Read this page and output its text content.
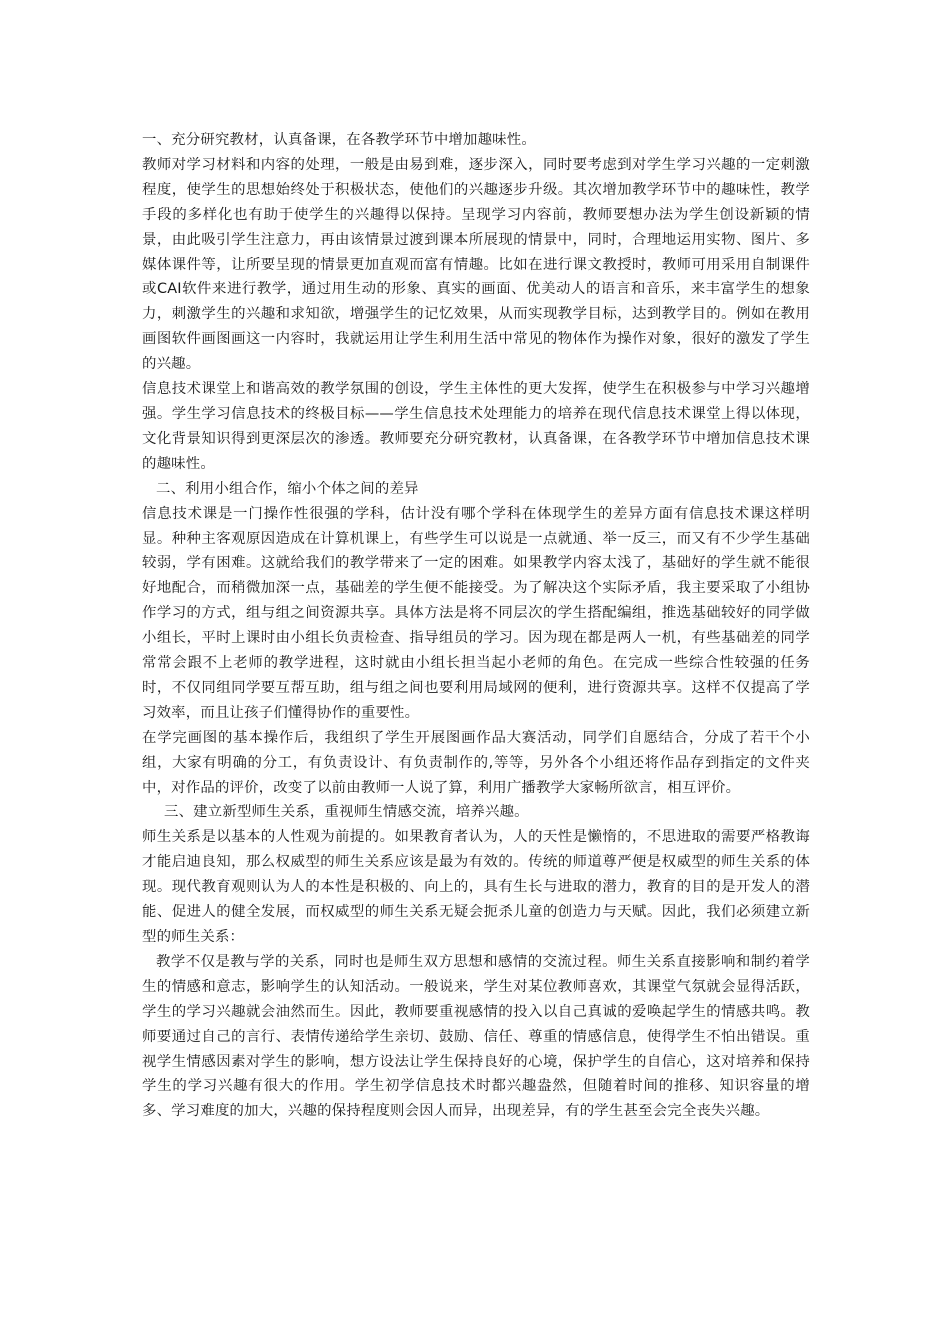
一、充分研究教材，认真备课，在各教学环节中增加趣味性。

教师对学习材料和内容的处理，一般是由易到难，逐步深入，同时要考虑到对学生学习兴趣的一定刺激程度，使学生的思想始终处于积极状态，使他们的兴趣逐步升级。其次增加教学环节中的趣味性，教学手段的多样化也有助于使学生的兴趣得以保持。呈现学习内容前，教师要想办法为学生创设新颖的情景，由此吸引学生注意力，再由该情景过渡到课本所展现的情景中，同时，合理地运用实物、图片、多媒体课件等，让所要呈现的情景更加直观而富有情趣。比如在进行课文教授时，教师可用采用自制课件或CAI软件来进行教学，通过用生动的形象、真实的画面、优美动人的语言和音乐，来丰富学生的想象力，刺激学生的兴趣和求知欲，增强学生的记忆效果，从而实现教学目标，达到教学目的。例如在教用画图软件画图画这一内容时，我就运用让学生利用生活中常见的物体作为操作对象，很好的激发了学生的兴趣。

信息技术课堂上和谐高效的教学氛围的创设，学生主体性的更大发挥，使学生在积极参与中学习兴趣增强。学生学习信息技术的终极目标——学生信息技术处理能力的培养在现代信息技术课堂上得以体现，文化背景知识得到更深层次的渗透。教师要充分研究教材，认真备课，在各教学环节中增加信息技术课的趣味性。

二、利用小组合作，缩小个体之间的差异

信息技术课是一门操作性很强的学科，估计没有哪个学科在体现学生的差异方面有信息技术课这样明显。种种主客观原因造成在计算机课上，有些学生可以说是一点就通、举一反三，而又有不少学生基础较弱，学有困难。这就给我们的教学带来了一定的困难。如果教学内容太浅了，基础好的学生就不能很好地配合，而稍微加深一点，基础差的学生便不能接受。为了解决这个实际矛盾，我主要采取了小组协作学习的方式，组与组之间资源共享。具体方法是将不同层次的学生搭配编组，推选基础较好的同学做小组长，平时上课时由小组长负责检查、指导组员的学习。因为现在都是两人一机，有些基础差的同学常常会跟不上老师的教学进程，这时就由小组长担当起小老师的角色。在完成一些综合性较强的任务时，不仅同组同学要互帮互助，组与组之间也要利用局域网的便利，进行资源共享。这样不仅提高了学习效率，而且让孩子们懂得协作的重要性。

在学完画图的基本操作后，我组织了学生开展图画作品大赛活动，同学们自愿结合，分成了若干个小组，大家有明确的分工，有负责设计、有负责制作的,等等，另外各个小组还将作品存到指定的文件夹中，对作品的评价，改变了以前由教师一人说了算，利用广播教学大家畅所欲言，相互评价。

三、建立新型师生关系，重视师生情感交流，培养兴趣。

师生关系是以基本的人性观为前提的。如果教育者认为，人的天性是懒惰的，不思进取的需要严格教诲才能启迪良知，那么权威型的师生关系应该是最为有效的。传统的师道尊严便是权威型的师生关系的体现。现代教育观则认为人的本性是积极的、向上的，具有生长与进取的潜力，教育的目的是开发人的潜能、促进人的健全发展，而权威型的师生关系无疑会扼杀儿童的创造力与天赋。因此，我们必须建立新型的师生关系：

教学不仅是教与学的关系，同时也是师生双方思想和感情的交流过程。师生关系直接影响和制约着学生的情感和意志，影响学生的认知活动。一般说来，学生对某位教师喜欢，其课堂气氛就会显得活跃，学生的学习兴趣就会油然而生。因此，教师要重视感情的投入以自己真诚的爱唤起学生的情感共鸣。教师要通过自己的言行、表情传递给学生亲切、鼓励、信任、尊重的情感信息，使得学生不怕出错误。重视学生情感因素对学生的影响，想方设法让学生保持良好的心境，保护学生的自信心，这对培养和保持学生的学习兴趣有很大的作用。学生初学信息技术时都兴趣盎然，但随着时间的推移、知识容量的增多、学习难度的加大，兴趣的保持程度则会因人而异，出现差异，有的学生甚至会完全丧失兴趣。
